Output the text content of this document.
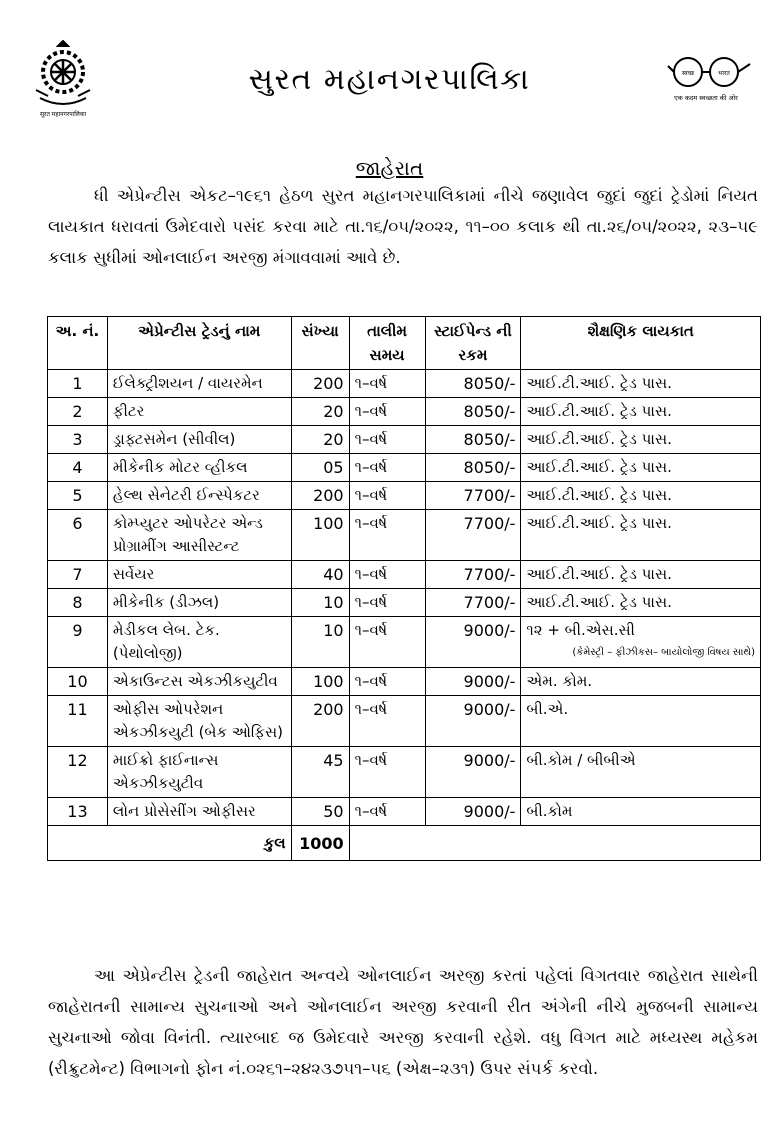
सूरत महानगरपालिका
સુરત મહાનગરપાલિકા	स्वच्छ	भारत
एक कदम स्वच्छता की ओर
જાહેરાત
ધી એપ્રેન્ટીસ એકટ–૧૯૬૧ હેઠળ સુરત મહાનગરપાલિકામાં નીચે જણાવેલ જુદાં જુદાં ટ્રેડોમાં નિયત લાયકાત ધરાવતાં ઉમેદવારો પસંદ કરવા માટે તા.૧૬/૦૫/૨૦૨૨, ૧૧–૦૦ કલાક થી તા.૨૬/૦૫/૨૦૨૨, ૨૩–૫૯ કલાક સુધીમાં ઓનલાઈન અરજી મંગાવવામાં આવે છે.
અ. નં.	એપ્રેન્ટીસ ટ્રેડનું નામ	સંખ્યા	તાલીમ સમય	સ્ટાઈપેન્ડ ની રકમ	શૈક્ષણિક લાયકાત
1	ઈલેક્ટ્રીશયન / વાયરમેન	200	૧–વર્ષ	8050/-	આઈ.ટી.આઈ. ટ્રેડ પાસ.
2	ફીટર	20	૧–વર્ષ	8050/-	આઈ.ટી.આઈ. ટ્રેડ પાસ.
3	ડ્રાફ્ટસમેન (સીવીલ)	20	૧–વર્ષ	8050/-	આઈ.ટી.આઈ. ટ્રેડ પાસ.
4	મીકેનીક મોટર વ્હીકલ	05	૧–વર્ષ	8050/-	આઈ.ટી.આઈ. ટ્રેડ પાસ.
5	હેલ્થ સેનેટરી ઈન્સ્પેકટર	200	૧–વર્ષ	7700/-	આઈ.ટી.આઈ. ટ્રેડ પાસ.
6	કોમ્પ્યુટર ઓપરેટર એન્ડ પ્રોગ્રામીંગ આસીસ્ટન્ટ	100	૧–વર્ષ	7700/-	આઈ.ટી.આઈ. ટ્રેડ પાસ.
7	સર્વેયર	40	૧–વર્ષ	7700/-	આઈ.ટી.આઈ. ટ્રેડ પાસ.
8	મીકેનીક (ડીઝલ)	10	૧–વર્ષ	7700/-	આઈ.ટી.આઈ. ટ્રેડ પાસ.
9	મેડીકલ લેબ. ટેક. (પેથોલોજી)	10	૧–વર્ષ	9000/-	૧૨ + બી.એસ.સી
(કેમેસ્ટ્રી – ફીઝીકસ– બાયોલોજી વિષય સાથે)

10	એકાઉન્ટસ એકઝીકયુટીવ	100	૧–વર્ષ	9000/-	એમ. કોમ.
11	ઓફીસ ઓપરેશન એકઝીકયુટી (બેક ઓફિસ)	200	૧–વર્ષ	9000/-	બી.એ.
12	માઈક્રો ફાઈનાન્સ એકઝીકયુટીવ	45	૧–વર્ષ	9000/-	બી.કોમ / બીબીએ
13	લોન પ્રોસેસીંગ ઓફીસર	50	૧–વર્ષ	9000/-	બી.કોમ
કુલ		1000			
આ એપ્રેન્ટીસ ટ્રેડની જાહેરાત અન્વયે ઓનલાઈન અરજી કરતાં પહેલાં વિગતવાર જાહેરાત સાથેની જાહેરાતની સામાન્ય સુચનાઓ અને ઓનલાઈન અરજી કરવાની રીત અંગેની નીચે મુજબની સામાન્ય સુચનાઓ જોવા વિનંતી. ત્યારબાદ જ ઉમેદવારે અરજી કરવાની રહેશે. વધુ વિગત માટે મધ્યસ્થ મહેકમ (રીક્રુટમેન્ટ) વિભાગનો ફોન નં.૦૨૬૧–૨૪૨૩૭૫૧–૫૬ (એક્ષ–૨૩૧) ઉપર સંપર્ક કરવો.
